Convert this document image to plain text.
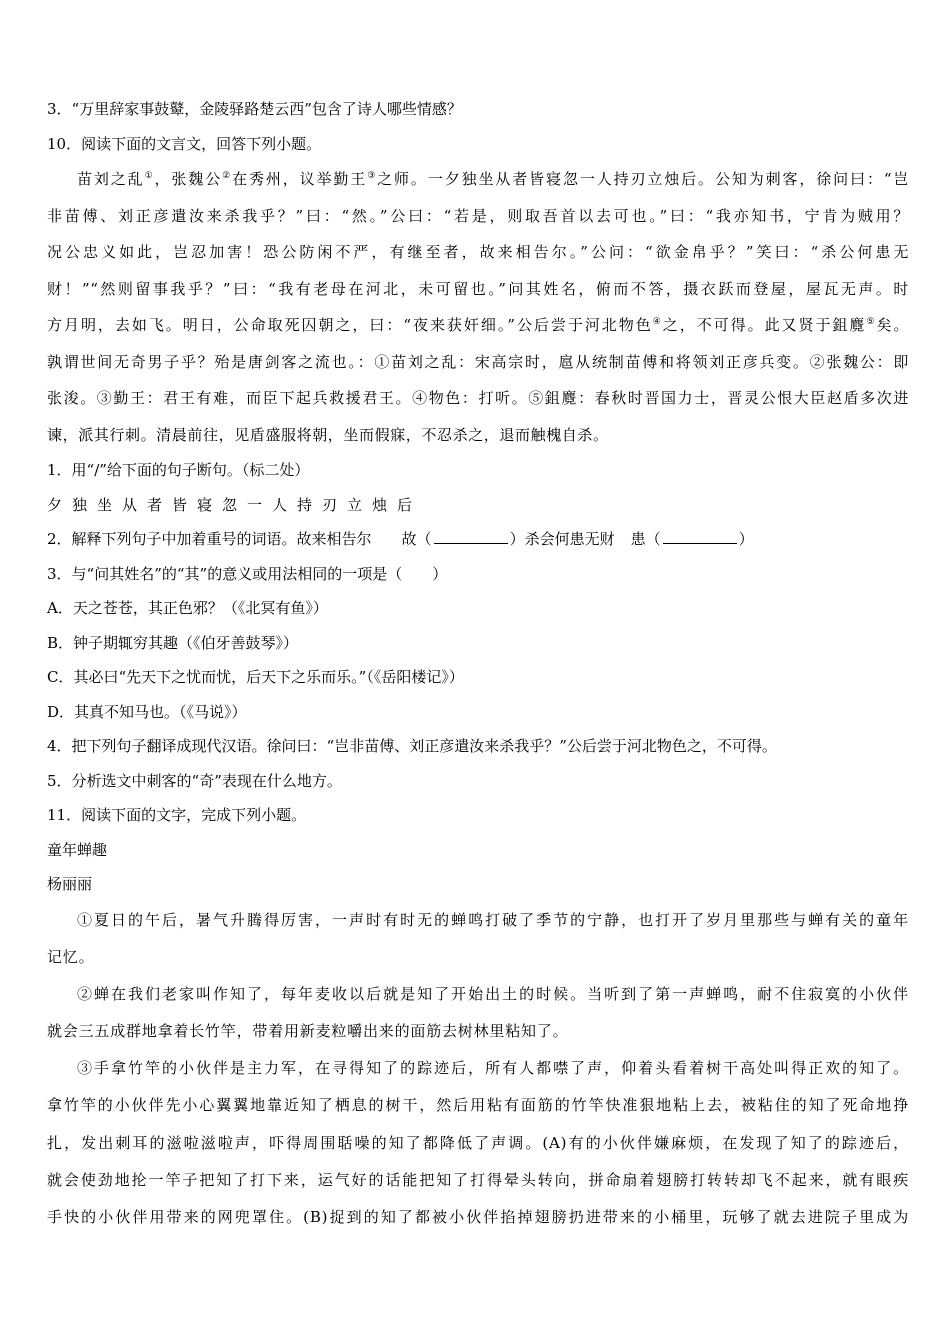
3．“万里辞家事鼓鼙，金陵驿路楚云西”包含了诗人哪些情感？

10．阅读下面的文言文，回答下列小题。

苗刘之乱①，张魏公②在秀州，议举勤王③之师。一夕独坐从者皆寝忽一人持刃立烛后。公知为刺客，徐问曰：“岂

非苗傅、刘正彦遣汝来杀我乎？”曰：“然。”公曰：“若是，则取吾首以去可也。”曰：“我亦知书，宁肯为贼用？

况公忠义如此，岂忍加害！恐公防闲不严，有继至者，故来相告尔。”公问：“欲金帛乎？”笑曰：“杀公何患无

财！”“然则留事我乎？”曰：“我有老母在河北，未可留也。”问其姓名，俯而不答，摄衣跃而登屋，屋瓦无声。时

方月明，去如飞。明日，公命取死囚朝之，曰：“夜来获奸细。”公后尝于河北物色④之，不可得。此又贤于鉏麑⑤矣。

孰谓世间无奇男子乎？殆是唐剑客之流也。：①苗刘之乱：宋高宗时，扈从统制苗傅和将领刘正彦兵变。②张魏公：即

张浚。③勤王：君王有难，而臣下起兵救援君王。④物色：打听。⑤鉏麑：春秋时晋国力士，晋灵公恨大臣赵盾多次进

谏，派其行刺。清晨前往，见盾盛服将朝，坐而假寐，不忍杀之，退而触槐自杀。

1．用“/”给下面的句子断句。（标二处）

夕独坐从者皆寝忽一人持刃立烛后

2．解释下列句子中加着重号的词语。故来相告尔 故（	）杀会何患无财 患（	）

3．与“问其姓名”的“其”的意义或用法相同的一项是（　　）

A．天之苍苍，其正色邪？（《北冥有鱼》）

B．钟子期辄穷其趣（《伯牙善鼓琴》）

C．其必曰“先天下之忧而忧，后天下之乐而乐。”（《岳阳楼记》）

D．其真不知马也。（《马说》）

4．把下列句子翻译成现代汉语。徐问曰：“岂非苗傅、刘正彦遣汝来杀我乎？”公后尝于河北物色之，不可得。

5．分析选文中刺客的“奇”表现在什么地方。

11．阅读下面的文字，完成下列小题。

童年蝉趣

杨丽丽

①夏日的午后，暑气升腾得厉害，一声时有时无的蝉鸣打破了季节的宁静，也打开了岁月里那些与蝉有关的童年

记忆。

②蝉在我们老家叫作知了，每年麦收以后就是知了开始出土的时候。当听到了第一声蝉鸣，耐不住寂寞的小伙伴

就会三五成群地拿着长竹竿，带着用新麦粒嚼出来的面筋去树林里粘知了。

③手拿竹竿的小伙伴是主力军，在寻得知了的踪迹后，所有人都噤了声，仰着头看着树干高处叫得正欢的知了。

拿竹竿的小伙伴先小心翼翼地靠近知了栖息的树干，然后用粘有面筋的竹竿快准狠地粘上去，被粘住的知了死命地挣

扎，发出刺耳的滋啦滋啦声，吓得周围聒噪的知了都降低了声调。(A)有的小伙伴嫌麻烦，在发现了知了的踪迹后，

就会使劲地抡一竿子把知了打下来，运气好的话能把知了打得晕头转向，拼命扇着翅膀打转转却飞不起来，就有眼疾

手快的小伙伴用带来的网兜罩住。(B)捉到的知了都被小伙伴掐掉翅膀扔进带来的小桶里，玩够了就去进院子里成为
